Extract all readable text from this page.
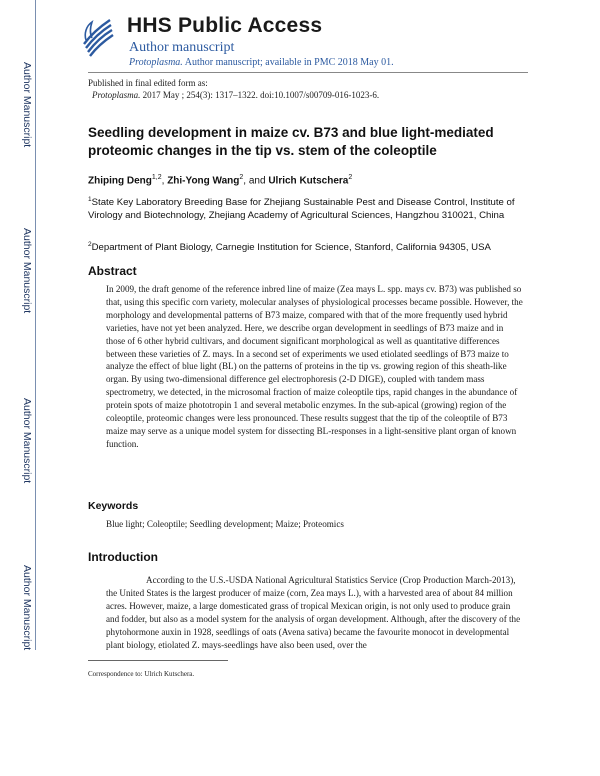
Author Manuscript
Author Manuscript
Author Manuscript
Author Manuscript
HHS Public Access
Author manuscript
Protoplasma. Author manuscript; available in PMC 2018 May 01.
Published in final edited form as:
Protoplasma. 2017 May ; 254(3): 1317–1322. doi:10.1007/s00709-016-1023-6.
Seedling development in maize cv. B73 and blue light-mediated proteomic changes in the tip vs. stem of the coleoptile
Zhiping Deng$^{1,2}$, Zhi-Yong Wang$^2$, and Ulrich Kutschera$^2$
$^1$State Key Laboratory Breeding Base for Zhejiang Sustainable Pest and Disease Control, Institute of Virology and Biotechnology, Zhejiang Academy of Agricultural Sciences, Hangzhou 310021, China
$^2$Department of Plant Biology, Carnegie Institution for Science, Stanford, California 94305, USA
Abstract
In 2009, the draft genome of the reference inbred line of maize (Zea mays L. spp. mays cv. B73) was published so that, using this specific corn variety, molecular analyses of physiological processes became possible. However, the morphology and developmental patterns of B73 maize, compared with that of the more frequently used hybrid varieties, have not yet been analyzed. Here, we describe organ development in seedlings of B73 maize and in those of 6 other hybrid cultivars, and document significant morphological as well as quantitative differences between these varieties of Z. mays. In a second set of experiments we used etiolated seedlings of B73 maize to analyze the effect of blue light (BL) on the patterns of proteins in the tip vs. growing region of this sheath-like organ. By using two-dimensional difference gel electrophoresis (2-D DIGE), coupled with tandem mass spectrometry, we detected, in the microsomal fraction of maize coleoptile tips, rapid changes in the abundance of protein spots of maize phototropin 1 and several metabolic enzymes. In the sub-apical (growing) region of the coleoptile, proteomic changes were less pronounced. These results suggest that the tip of the coleoptile of B73 maize may serve as a unique model system for dissecting BL-responses in a light-sensitive plant organ of known function.
Keywords
Blue light; Coleoptile; Seedling development; Maize; Proteomics
Introduction
According to the U.S.-USDA National Agricultural Statistics Service (Crop Production March-2013), the United States is the largest producer of maize (corn, Zea mays L.), with a harvested area of about 84 million acres. However, maize, a large domesticated grass of tropical Mexican origin, is not only used to produce grain and fodder, but also as a model system for the analysis of organ development. Although, after the discovery of the phytohormone auxin in 1928, seedlings of oats (Avena sativa) became the favourite monocot in developmental plant biology, etiolated Z. mays-seedlings have also been used, over the
Correspondence to: Ulrich Kutschera.
